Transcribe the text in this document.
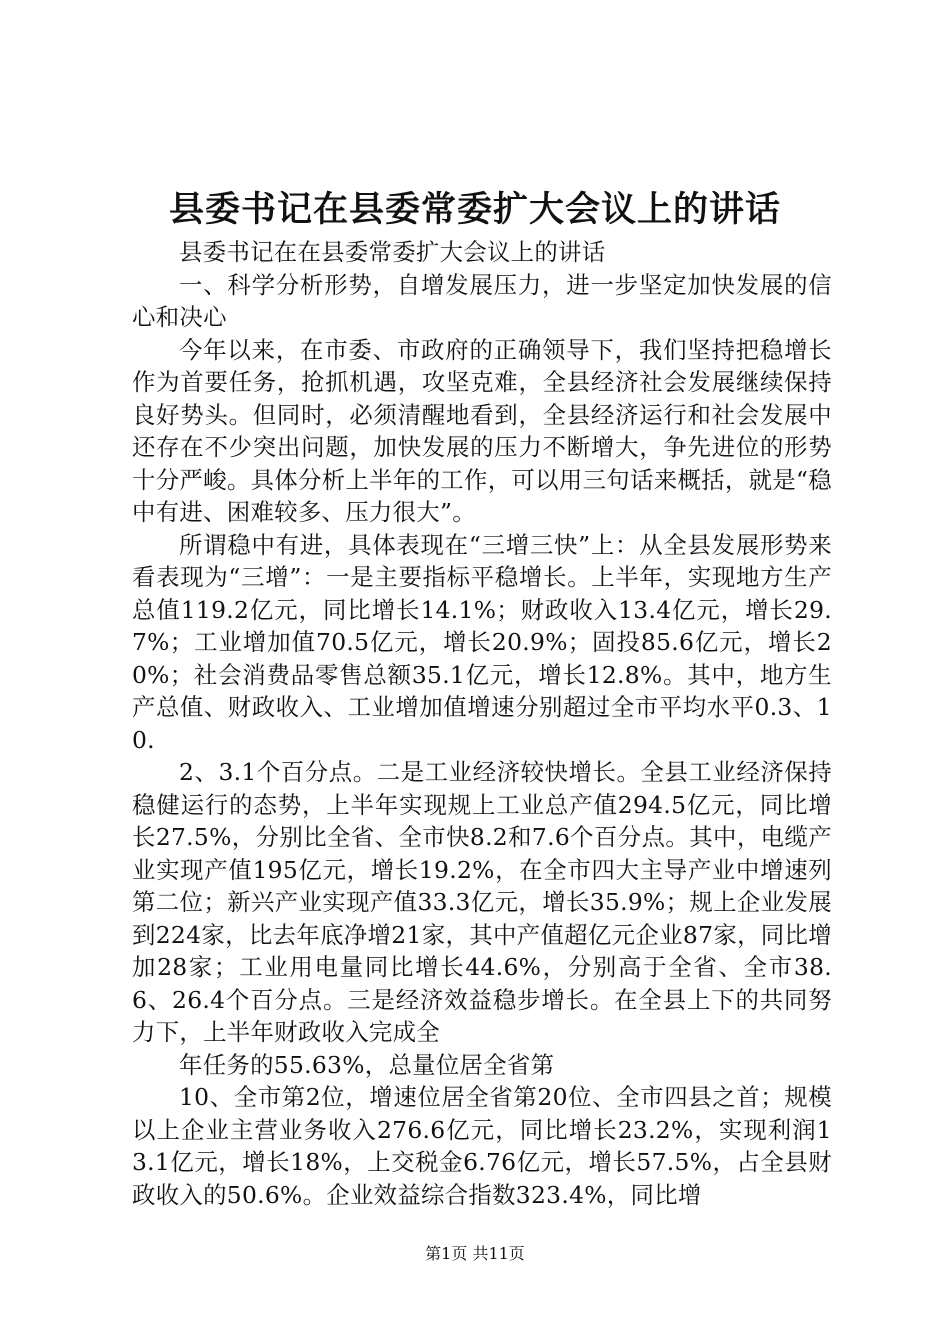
县委书记在县委常委扩大会议上的讲话

县委书记在在县委常委扩大会议上的讲话

一、科学分析形势，自增发展压力，进一步坚定加快发展的信心和决心

今年以来，在市委、市政府的正确领导下，我们坚持把稳增长作为首要任务，抢抓机遇，攻坚克难，全县经济社会发展继续保持良好势头。但同时，必须清醒地看到，全县经济运行和社会发展中还存在不少突出问题，加快发展的压力不断增大，争先进位的形势十分严峻。具体分析上半年的工作，可以用三句话来概括，就是“稳中有进、困难较多、压力很大”。

所谓稳中有进，具体表现在“三增三快”上：从全县发展形势来看表现为“三增”：一是主要指标平稳增长。上半年，实现地方生产总值119.2亿元，同比增长14.1%；财政收入13.4亿元，增长29.7%；工业增加值70.5亿元，增长20.9%；固投85.6亿元，增长20%；社会消费品零售总额35.1亿元，增长12.8%。其中，地方生产总值、财政收入、工业增加值增速分别超过全市平均水平0.3、10.

2、3.1个百分点。二是工业经济较快增长。全县工业经济保持稳健运行的态势，上半年实现规上工业总产值294.5亿元，同比增长27.5%，分别比全省、全市快8.2和7.6个百分点。其中，电缆产业实现产值195亿元，增长19.2%，在全市四大主导产业中增速列第二位；新兴产业实现产值33.3亿元，增长35.9%；规上企业发展到224家，比去年底净增21家，其中产值超亿元企业87家，同比增加28家；工业用电量同比增长44.6%，分别高于全省、全市38.6、26.4个百分点。三是经济效益稳步增长。在全县上下的共同努力下，上半年财政收入完成全

年任务的55.63%，总量位居全省第

10、全市第2位，增速位居全省第20位、全市四县之首；规模以上企业主营业务收入276.6亿元，同比增长23.2%，实现利润13.1亿元，增长18%，上交税金6.76亿元，增长57.5%，占全县财政收入的50.6%。企业效益综合指数323.4%，同比增

第1页 共11页
